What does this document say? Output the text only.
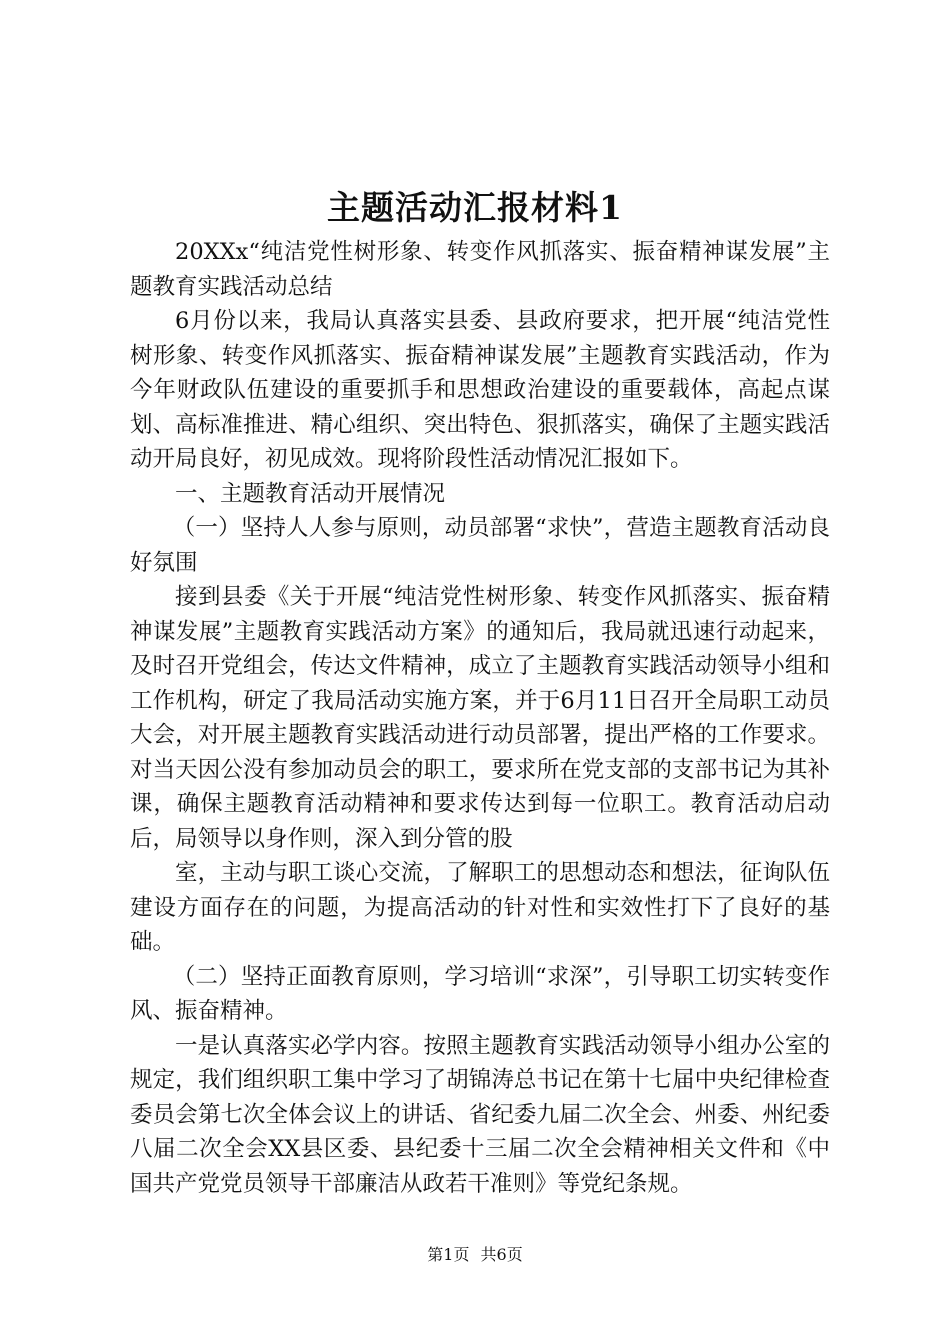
主题活动汇报材料1

20XXx“纯洁党性树形象、转变作风抓落实、振奋精神谋发展”主题教育实践活动总结

6月份以来，我局认真落实县委、县政府要求，把开展“纯洁党性树形象、转变作风抓落实、振奋精神谋发展”主题教育实践活动，作为今年财政队伍建设的重要抓手和思想政治建设的重要载体，高起点谋划、高标准推进、精心组织、突出特色、狠抓落实，确保了主题实践活动开局良好，初见成效。现将阶段性活动情况汇报如下。

一、主题教育活动开展情况

（一）坚持人人参与原则，动员部署“求快”，营造主题教育活动良好氛围

接到县委《关于开展“纯洁党性树形象、转变作风抓落实、振奋精神谋发展”主题教育实践活动方案》的通知后，我局就迅速行动起来，及时召开党组会，传达文件精神，成立了主题教育实践活动领导小组和工作机构，研定了我局活动实施方案，并于6月11日召开全局职工动员大会，对开展主题教育实践活动进行动员部署，提出严格的工作要求。对当天因公没有参加动员会的职工，要求所在党支部的支部书记为其补课，确保主题教育活动精神和要求传达到每一位职工。教育活动启动后，局领导以身作则，深入到分管的股

室，主动与职工谈心交流，了解职工的思想动态和想法，征询队伍建设方面存在的问题，为提高活动的针对性和实效性打下了良好的基础。

（二）坚持正面教育原则，学习培训“求深”，引导职工切实转变作风、振奋精神。

一是认真落实必学内容。按照主题教育实践活动领导小组办公室的规定，我们组织职工集中学习了胡锦涛总书记在第十七届中央纪律检查委员会第七次全体会议上的讲话、省纪委九届二次全会、州委、州纪委八届二次全会XX县区委、县纪委十三届二次全会精神相关文件和《中国共产党党员领导干部廉洁从政若干准则》等党纪条规。

第1页 共6页
